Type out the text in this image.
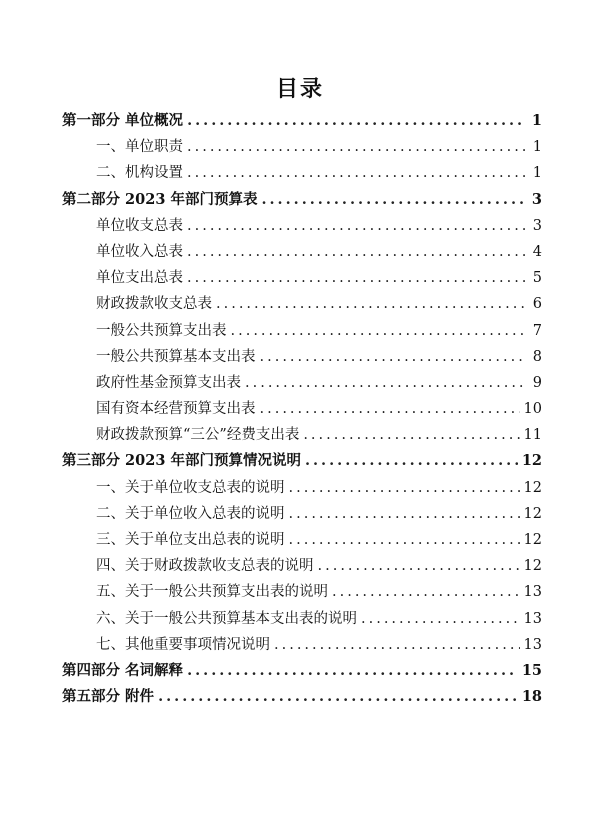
目录
第一部分 单位概况 .....	1
一、单位职责 .....	1
二、机构设置 .....	1
第二部分 2023 年部门预算表 .....	3
单位收支总表 .....	3
单位收入总表 .....	4
单位支出总表 .....	5
财政拨款收支总表 .....	6
一般公共预算支出表 .....	7
一般公共预算基本支出表 .....	8
政府性基金预算支出表 .....	9
国有资本经营预算支出表 .....	10
财政拨款预算“三公”经费支出表 .....	11
第三部分 2023 年部门预算情况说明 .....	12
一、关于单位收支总表的说明 .....	12
二、关于单位收入总表的说明 .....	12
三、关于单位支出总表的说明 .....	12
四、关于财政拨款收支总表的说明 .....	12
五、关于一般公共预算支出表的说明 .....	13
六、关于一般公共预算基本支出表的说明 .....	13
七、其他重要事项情况说明 .....	13
第四部分 名词解释 .....	15
第五部分 附件 .....	18
